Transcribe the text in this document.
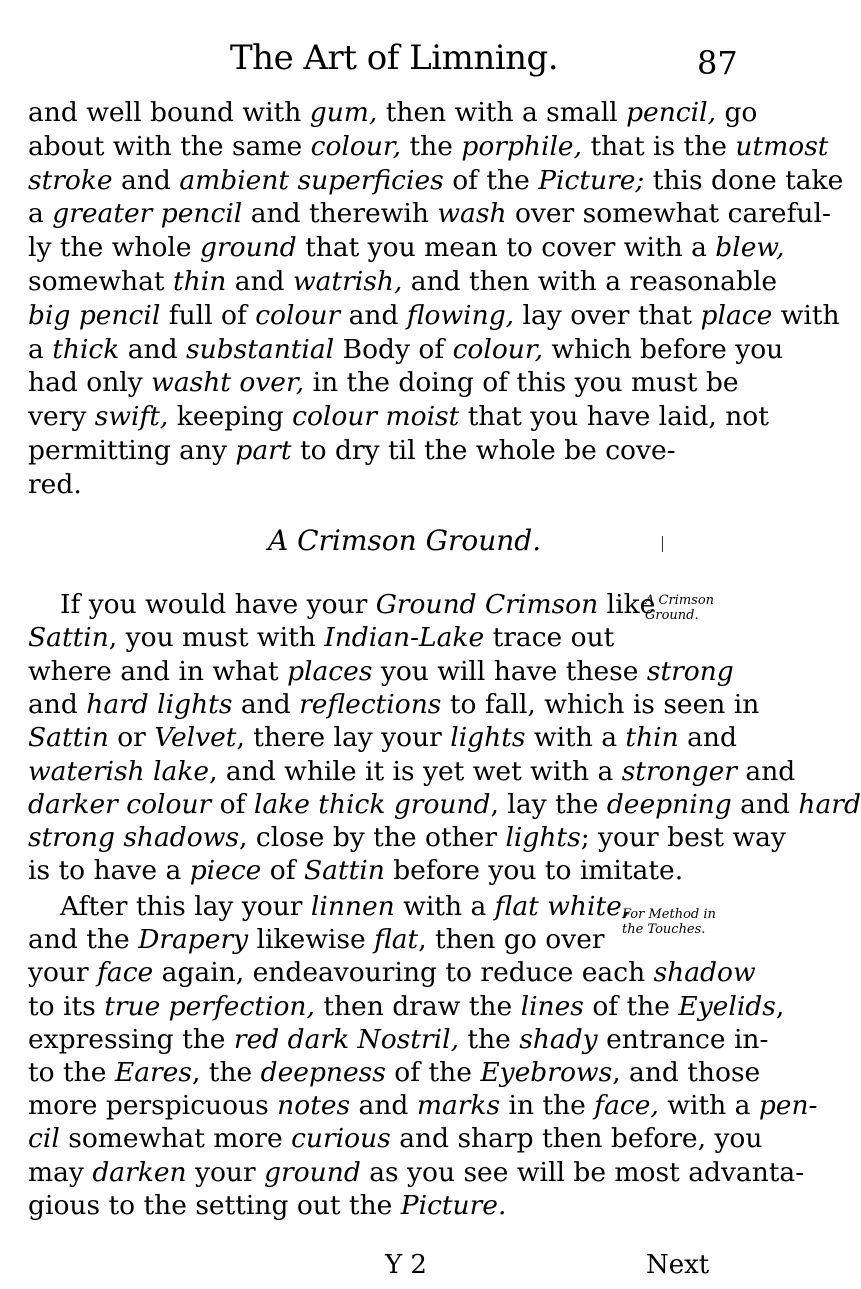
The Art of Limning.	87
and well bound with gum, then with a small pencil, go
about with the same colour, the porphile, that is the utmost
stroke and ambient superficies of the Picture; this done take
a greater pencil and therewih wash over somewhat careful-
ly the whole ground that you mean to cover with a blew,
somewhat thin and watrish, and then with a reasonable
big pencil full of colour and flowing, lay over that place with
a thick and substantial Body of colour, which before you
had only washt over, in the doing of this you must be
very swift, keeping colour moist that you have laid, not
permitting any part to dry til the whole be cove-
red.
A Crimson Ground.
If you would have your Ground Crimson like
Sattin, you must with Indian-Lake trace out
where and in what places you will have these strong
and hard lights and reflections to fall, which is seen in
Sattin or Velvet, there lay your lights with a thin and
waterish lake, and while it is yet wet with a stronger and
darker colour of lake thick ground, lay the deepning and hard
strong shadows, close by the other lights; your best way
is to have a piece of Sattin before you to imitate.
After this lay your linnen with a flat white,
and the Drapery likewise flat, then go over
your face again, endeavouring to reduce each shadow
to its true perfection, then draw the lines of the Eyelids,
expressing the red dark Nostril, the shady entrance in-
to the Eares, the deepness of the Eyebrows, and those
more perspicuous notes and marks in the face, with a pen-
cil somewhat more curious and sharp then before, you
may darken your ground as you see will be most advanta-
gious to the setting out the Picture.
A Crimson
Ground.
For Method in
the Touches.
Y 2	Next
